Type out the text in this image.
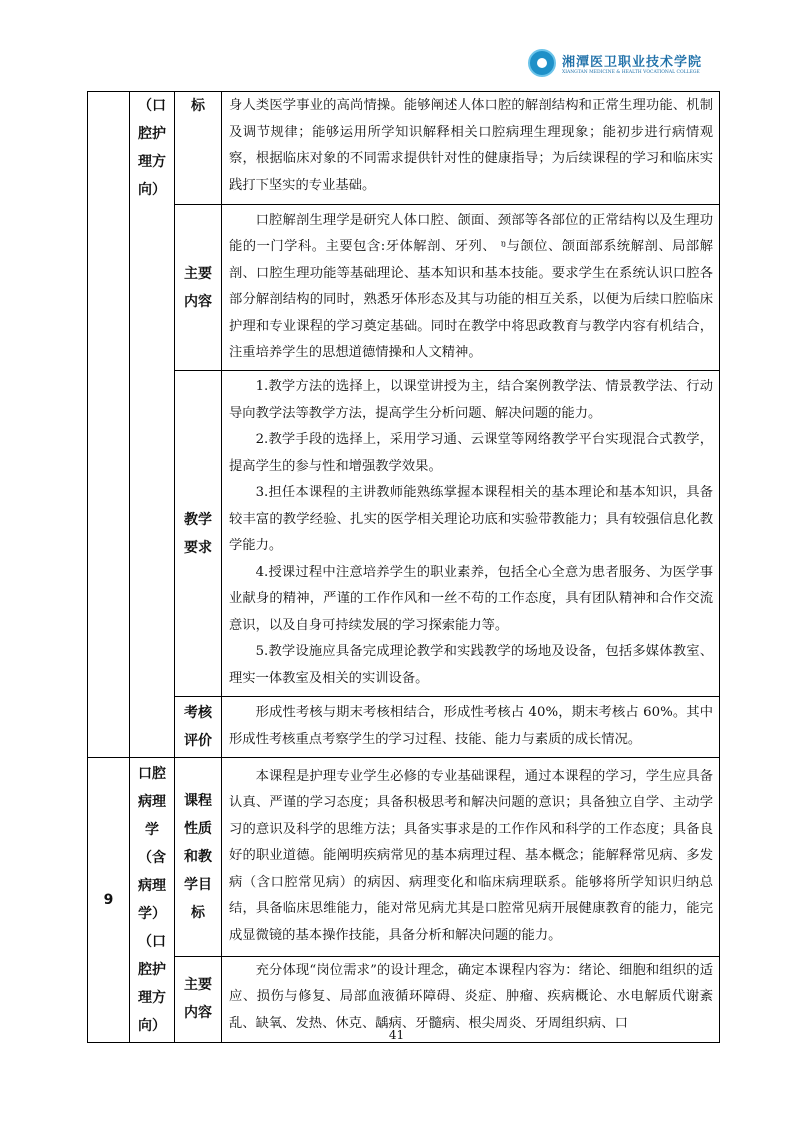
湘潭医卫职业技术学院
XIANGTAN MEDICINE & HEALTH VOCATIONAL COLLEGE
	（口腔护理方向）	标	身人类医学事业的高尚情操。能够阐述人体口腔的解剖结构和正常生理功能、机制及调节规律；能够运用所学知识解释相关口腔病理生理现象；能初步进行病情观察，根据临床对象的不同需求提供针对性的健康指导；为后续课程的学习和临床实践打下坚实的专业基础。

		主要内容	口腔解剖生理学是研究人体口腔、颌面、颈部等各部位的正常结构以及生理功能的一门学科。主要包含:牙体解剖、牙列、 ᵑ与颌位、颌面部系统解剖、局部解剖、口腔生理功能等基础理论、基本知识和基本技能。要求学生在系统认识口腔各部分解剖结构的同时，熟悉牙体形态及其与功能的相互关系，以便为后续口腔临床护理和专业课程的学习奠定基础。同时在教学中将思政教育与教学内容有机结合，注重培养学生的思想道德情操和人文精神。

		教学要求	1.教学方法的选择上，以课堂讲授为主，结合案例教学法、情景教学法、行动导向教学法等教学方法，提高学生分析问题、解决问题的能力。

2.教学手段的选择上，采用学习通、云课堂等网络教学平台实现混合式教学，提高学生的参与性和增强教学效果。

3.担任本课程的主讲教师能熟练掌握本课程相关的基本理论和基本知识，具备较丰富的教学经验、扎实的医学相关理论功底和实验带教能力；具有较强信息化教学能力。

4.授课过程中注意培养学生的职业素养，包括全心全意为患者服务、为医学事业献身的精神，严谨的工作作风和一丝不苟的工作态度，具有团队精神和合作交流意识，以及自身可持续发展的学习探索能力等。

5.教学设施应具备完成理论教学和实践教学的场地及设备，包括多媒体教室、理实一体教室及相关的实训设备。

		考核评价	形成性考核与期末考核相结合，形成性考核占 40%，期末考核占 60%。其中形成性考核重点考察学生的学习过程、技能、能力与素质的成长情况。

9	口腔病理学（含病理学）（口腔护理方向）	课程性质和教学目标	本课程是护理专业学生必修的专业基础课程，通过本课程的学习，学生应具备认真、严谨的学习态度；具备积极思考和解决问题的意识；具备独立自学、主动学习的意识及科学的思维方法；具备实事求是的工作作风和科学的工作态度；具备良好的职业道德。能阐明疾病常见的基本病理过程、基本概念；能解释常见病、多发病（含口腔常见病）的病因、病理变化和临床病理联系。能够将所学知识归纳总结，具备临床思维能力，能对常见病尤其是口腔常见病开展健康教育的能力，能完成显微镜的基本操作技能，具备分析和解决问题的能力。

		主要内容	充分体现“岗位需求”的设计理念，确定本课程内容为：绪论、细胞和组织的适应、损伤与修复、局部血液循环障碍、炎症、肿瘤、疾病概论、水电解质代谢紊乱、缺氧、发热、休克、龋病、牙髓病、根尖周炎、牙周组织病、口

41
